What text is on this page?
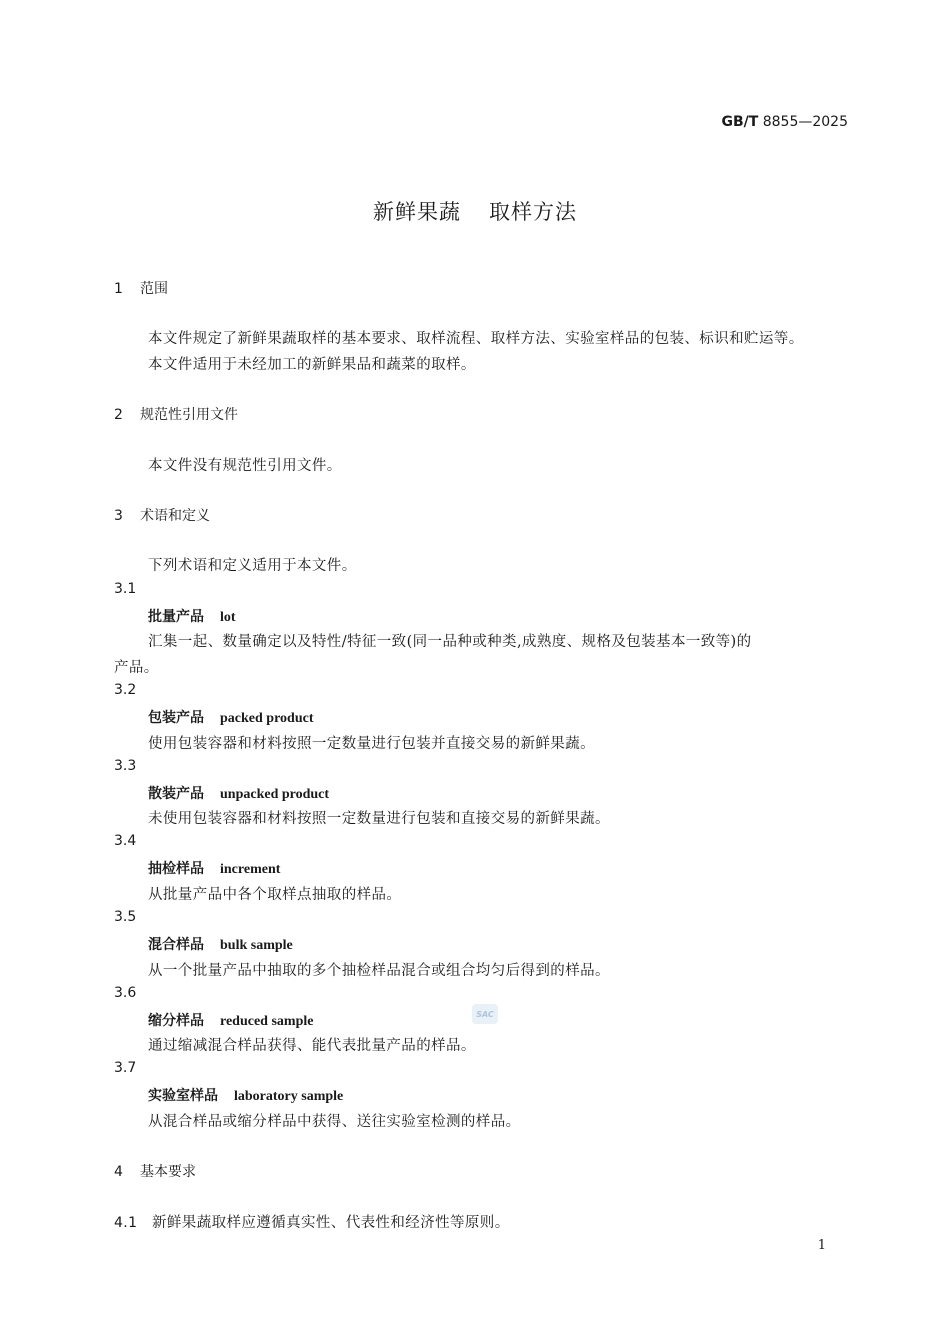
GB/T 8855—2025
新鲜果蔬 取样方法
1 范围
本文件规定了新鲜果蔬取样的基本要求、取样流程、取样方法、实验室样品的包装、标识和贮运等。
本文件适用于未经加工的新鲜果品和蔬菜的取样。
2 规范性引用文件
本文件没有规范性引用文件。
3 术语和定义
下列术语和定义适用于本文件。
3.1
批量产品 lot
汇集一起、数量确定以及特性/特征一致(同一品种或种类,成熟度、规格及包装基本一致等)的
产品。
3.2
包装产品 packed product
使用包装容器和材料按照一定数量进行包装并直接交易的新鲜果蔬。
3.3
散装产品 unpacked product
未使用包装容器和材料按照一定数量进行包装和直接交易的新鲜果蔬。
3.4
抽检样品 increment
从批量产品中各个取样点抽取的样品。
3.5
混合样品 bulk sample
从一个批量产品中抽取的多个抽检样品混合或组合均匀后得到的样品。
3.6
缩分样品 reduced sample	SAC
通过缩减混合样品获得、能代表批量产品的样品。
3.7
实验室样品 laboratory sample
从混合样品或缩分样品中获得、送往实验室检测的样品。
4 基本要求
4.1 新鲜果蔬取样应遵循真实性、代表性和经济性等原则。
1
